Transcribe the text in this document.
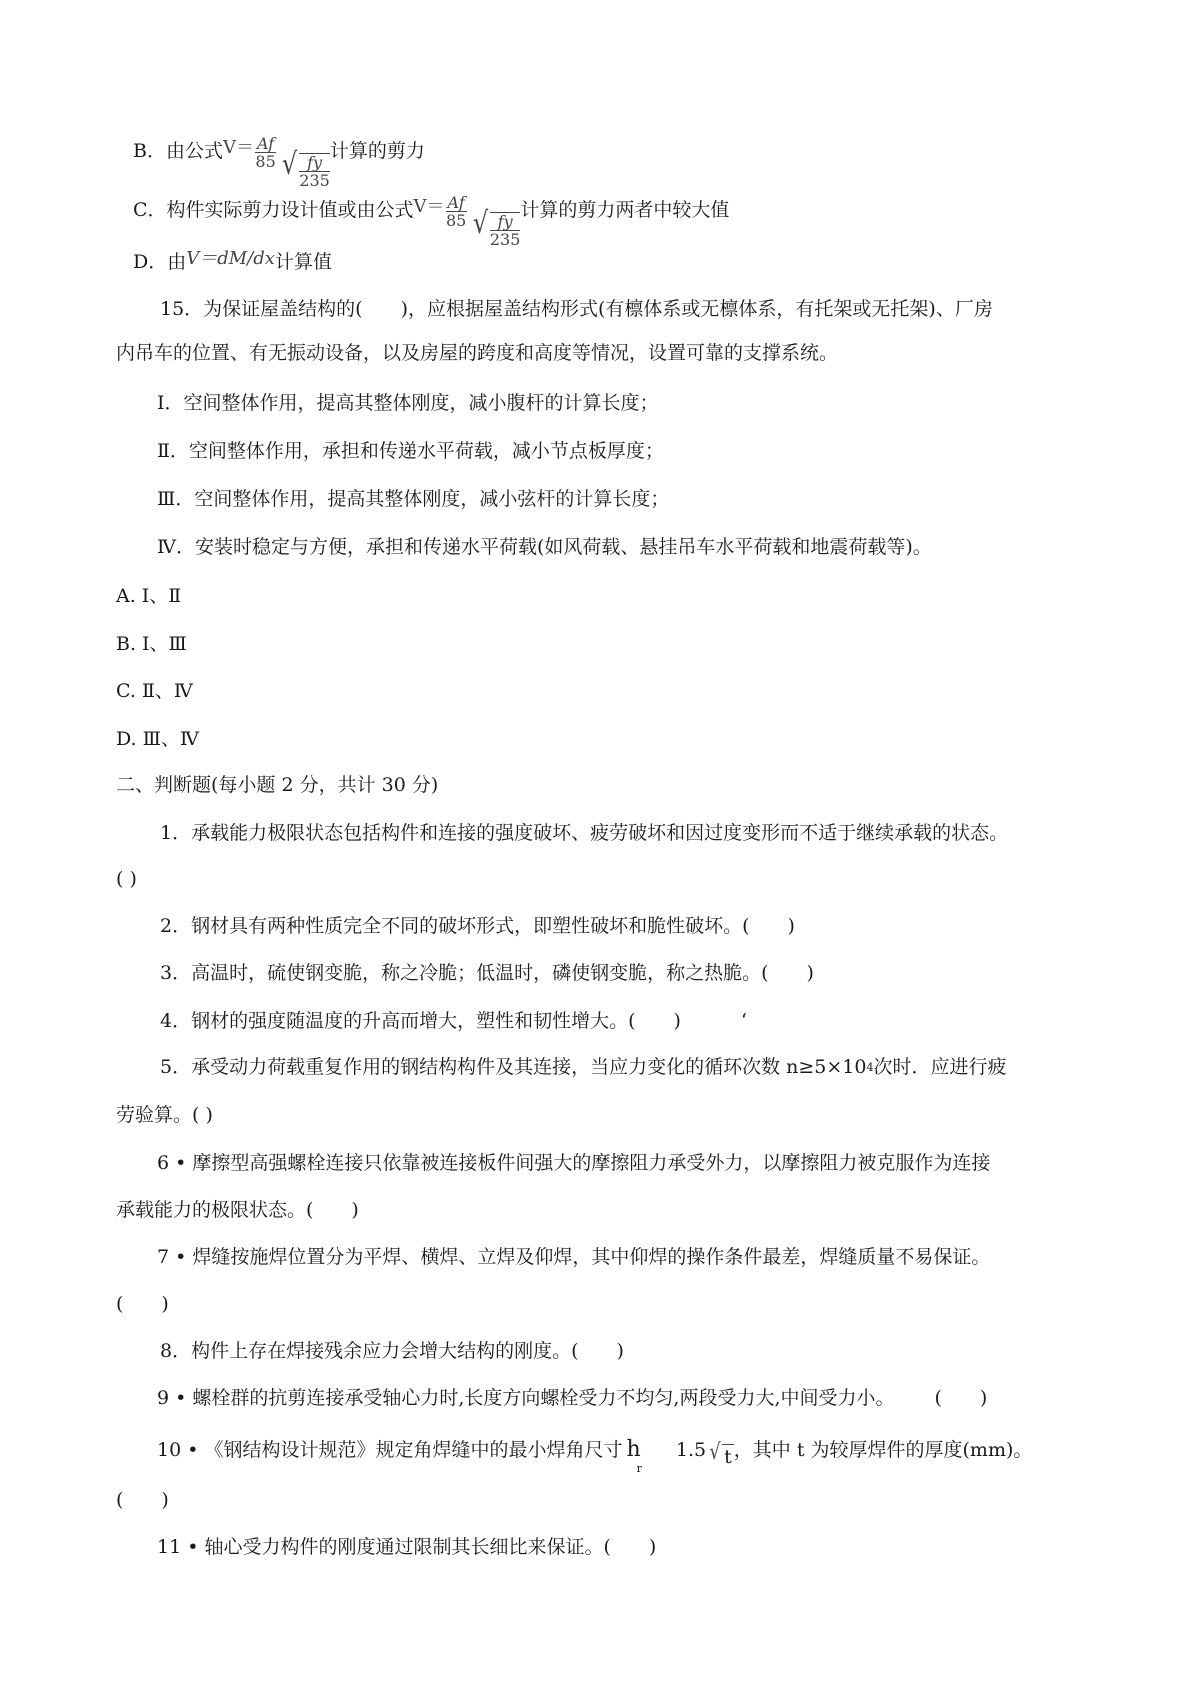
B．由公式$V= \frac{Af}{85}$ √ $\frac{fy}{235}$
计算的剪力
C．构件实际剪力设计值或由公式$V= \frac{Af}{85}$ √ $\frac{fy}{235}$
计算的剪力两者中较大值
D．由V＝dM/dx计算值
15．为保证屋盖结构的(　　)，应根据屋盖结构形式(有檩体系或无檩体系，有托架或无托架)、厂房
内吊车的位置、有无振动设备，以及房屋的跨度和高度等情况，设置可靠的支撑系统。
I．空间整体作用，提高其整体刚度，减小腹杆的计算长度；
Ⅱ．空间整体作用，承担和传递水平荷载，减小节点板厚度；
Ⅲ．空间整体作用，提高其整体刚度，减小弦杆的计算长度；
Ⅳ．安装时稳定与方便，承担和传递水平荷载(如风荷载、悬挂吊车水平荷载和地震荷载等)。
A. Ⅰ、Ⅱ
B. Ⅰ、Ⅲ
C. Ⅱ、Ⅳ
D. Ⅲ、Ⅳ
二、判断题(每小题 2 分，共计 30 分)
1．承载能力极限状态包括构件和连接的强度破坏、疲劳破坏和因过度变形而不适于继续承载的状态。
( )
2．钢材具有两种性质完全不同的破坏形式，即塑性破坏和脆性破坏。(　　)
3．高温时，硫使钢变脆，称之冷脆；低温时，磷使钢变脆，称之热脆。(　　)
4．钢材的强度随温度的升高而增大，塑性和韧性增大。(　　)	‘
5．承受动力荷载重复作用的钢结构构件及其连接，当应力变化的循环次数 n≥5×104次时．应进行疲
劳验算。( )
6 • 摩擦型高强螺栓连接只依靠被连接板件间强大的摩擦阻力承受外力，以摩擦阻力被克服作为连接
承载能力的极限状态。(　　)
7 • 焊缝按施焊位置分为平焊、横焊、立焊及仰焊，其中仰焊的操作条件最差，焊缝质量不易保证。
(　　)
8．构件上存在焊接残余应力会增大结构的刚度。(　　)
9 • 螺栓群的抗剪连接承受轴心力时,长度方向螺栓受力不均匀,两段受力大,中间受力小。 (　　)
10 • 《钢结构设计规范》规定角焊缝中的最小焊角尺寸 $h_r1.5$ √ t ，其中 t 为较厚焊件的厚度(mm)。
(　　)
11 • 轴心受力构件的刚度通过限制其长细比来保证。(　　)
